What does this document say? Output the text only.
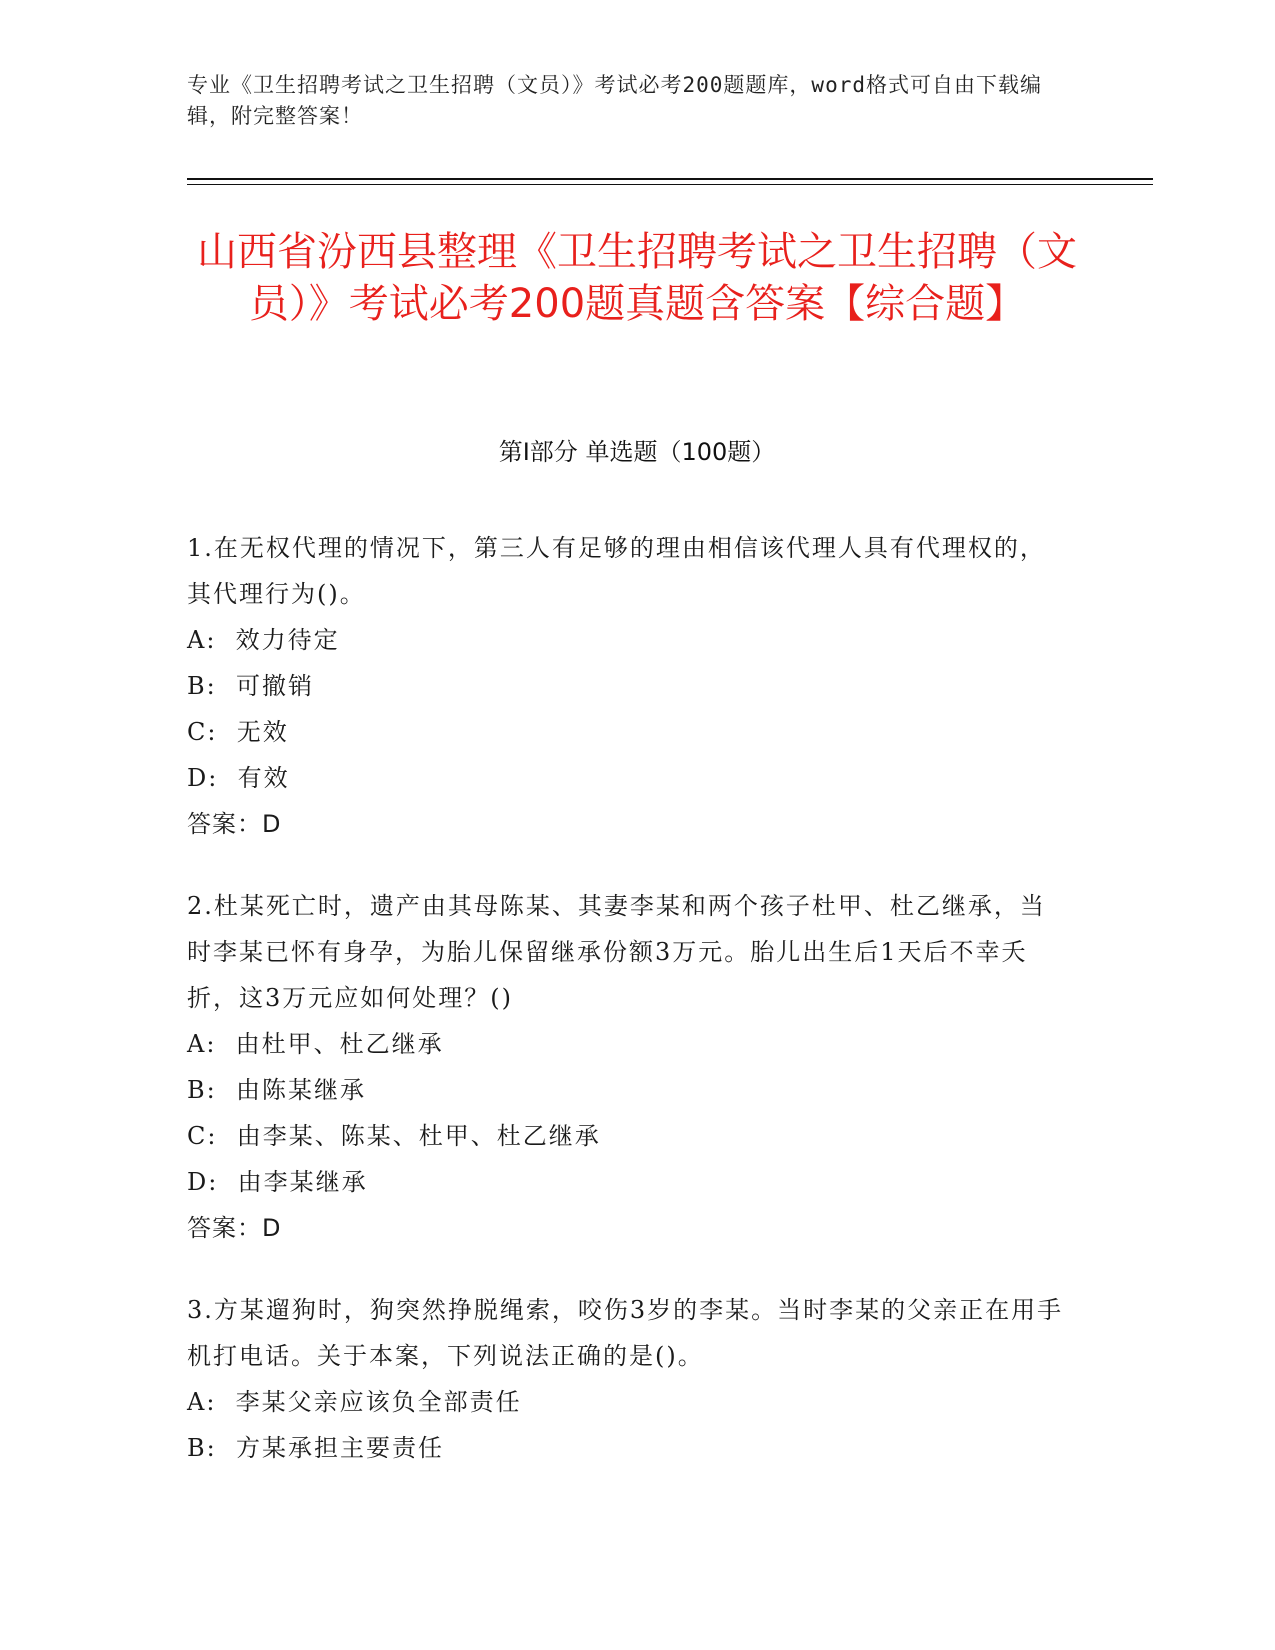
专业《卫生招聘考试之卫生招聘（文员）》考试必考200题题库，word格式可自由下载编辑，附完整答案！
山西省汾西县整理《卫生招聘考试之卫生招聘（文员）》考试必考200题真题含答案【综合题】
第I部分 单选题（100题）
1.在无权代理的情况下，第三人有足够的理由相信该代理人具有代理权的，其代理行为()。
A:  效力待定
B:  可撤销
C:  无效
D:  有效
答案：D
2.杜某死亡时，遗产由其母陈某、其妻李某和两个孩子杜甲、杜乙继承，当时李某已怀有身孕，为胎儿保留继承份额3万元。胎儿出生后1天后不幸夭折，这3万元应如何处理？()
A:  由杜甲、杜乙继承
B:  由陈某继承
C:  由李某、陈某、杜甲、杜乙继承
D:  由李某继承
答案：D
3.方某遛狗时，狗突然挣脱绳索，咬伤3岁的李某。当时李某的父亲正在用手机打电话。关于本案，下列说法正确的是()。
A:  李某父亲应该负全部责任
B:  方某承担主要责任
